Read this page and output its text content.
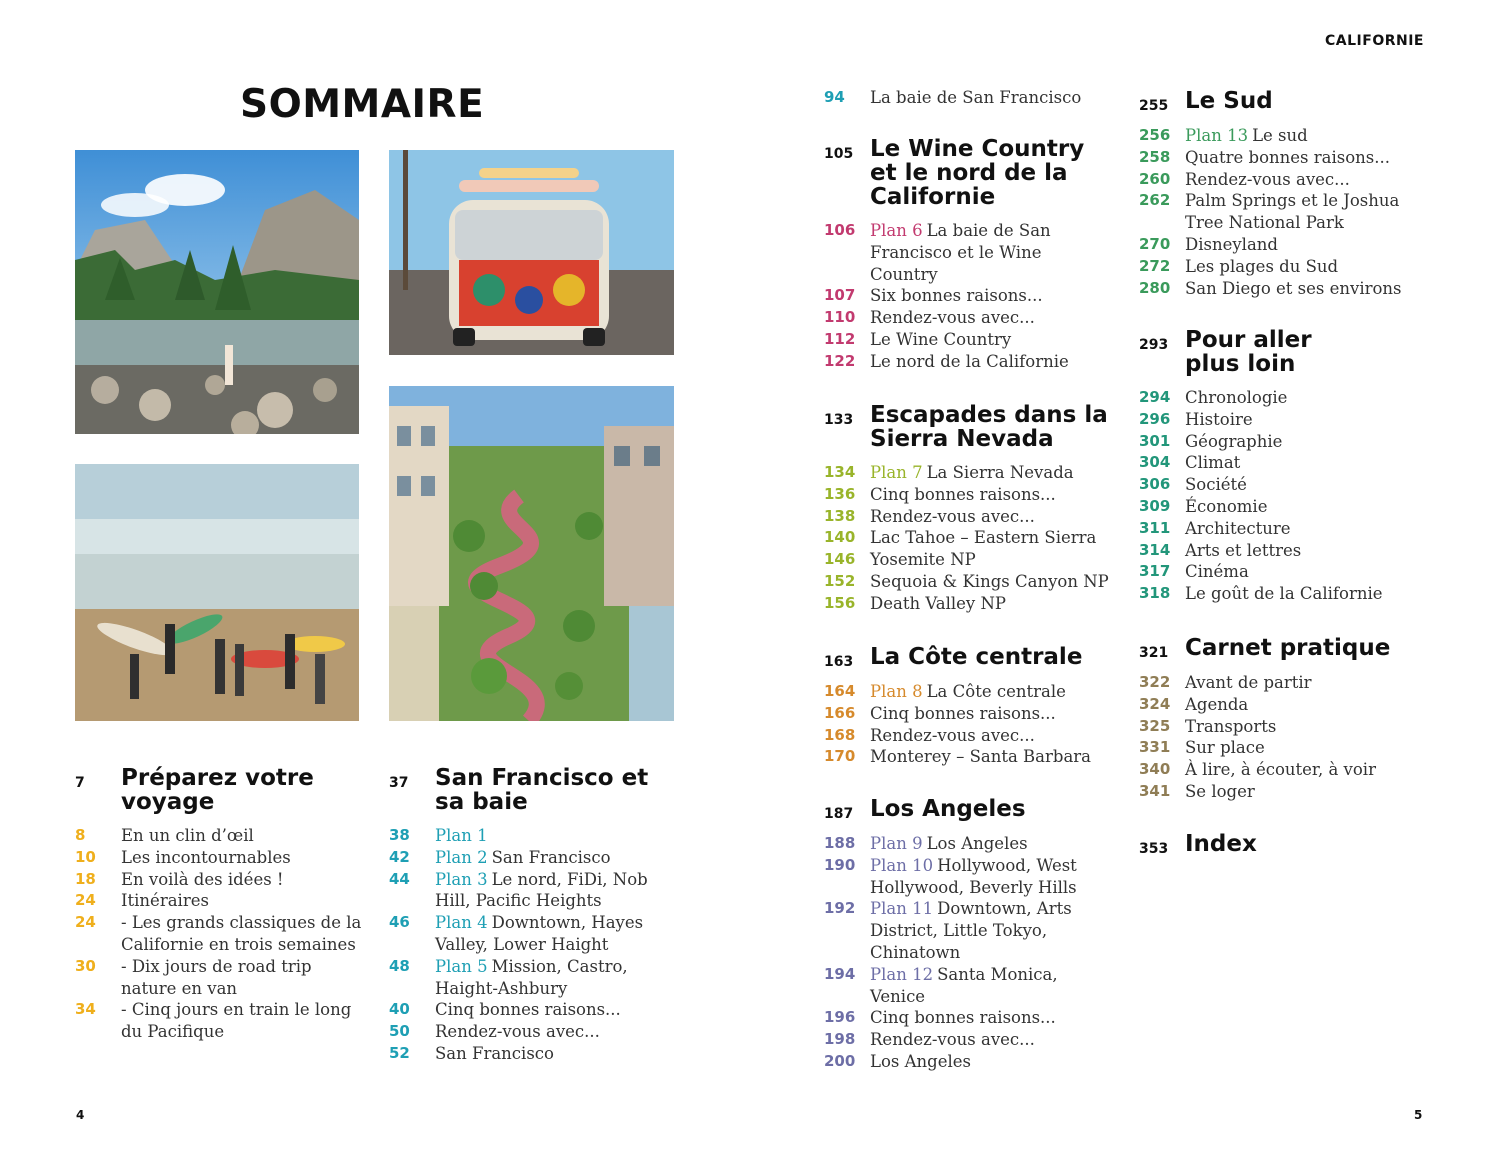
CALIFORNIE
SOMMAIRE
7	Préparez votre voyage
8	En un clin d’œil
10	Les incontournables
18	En voilà des idées !
24	Itinéraires
24	- Les grands classiques de la Californie en trois semaines
30	- Dix jours de road trip nature en van
34	- Cinq jours en train le long du Pacifique
37	San Francisco et sa baie
38	Plan 1
42	Plan 2 San Francisco
44	Plan 3 Le nord, FiDi, Nob Hill, Pacific Heights
46	Plan 4 Downtown, Hayes Valley, Lower Haight
48	Plan 5 Mission, Castro, Haight-Ashbury
40	Cinq bonnes raisons...
50	Rendez-vous avec...
52	San Francisco
94	La baie de San Francisco
105 Le Wine Country et le nord de la Californie
106 Plan 6 La baie de San Francisco et le Wine Country
107 Six bonnes raisons...
110 Rendez-vous avec...
112 Le Wine Country
122 Le nord de la Californie
133 Escapades dans la Sierra Nevada
134 Plan 7 La Sierra Nevada
136 Cinq bonnes raisons...
138 Rendez-vous avec...
140 Lac Tahoe – Eastern Sierra
146 Yosemite NP
152 Sequoia & Kings Canyon NP
156 Death Valley NP
163 La Côte centrale
164 Plan 8 La Côte centrale
166 Cinq bonnes raisons...
168 Rendez-vous avec...
170 Monterey – Santa Barbara
187 Los Angeles
188 Plan 9 Los Angeles
190 Plan 10 Hollywood, West Hollywood, Beverly Hills
192 Plan 11 Downtown, Arts District, Little Tokyo, Chinatown
194 Plan 12 Santa Monica, Venice
196 Cinq bonnes raisons...
198 Rendez-vous avec...
200 Los Angeles
255 Le Sud
256 Plan 13 Le sud
258 Quatre bonnes raisons...
260 Rendez-vous avec...
262 Palm Springs et le Joshua Tree National Park
270 Disneyland
272 Les plages du Sud
280 San Diego et ses environs
293 Pour aller plus loin
294 Chronologie
296 Histoire
301 Géographie
304 Climat
306 Société
309 Économie
311 Architecture
314 Arts et lettres
317 Cinéma
318 Le goût de la Californie
321 Carnet pratique
322 Avant de partir
324 Agenda
325 Transports
331 Sur place
340 À lire, à écouter, à voir
341 Se loger
353 Index
4	5
